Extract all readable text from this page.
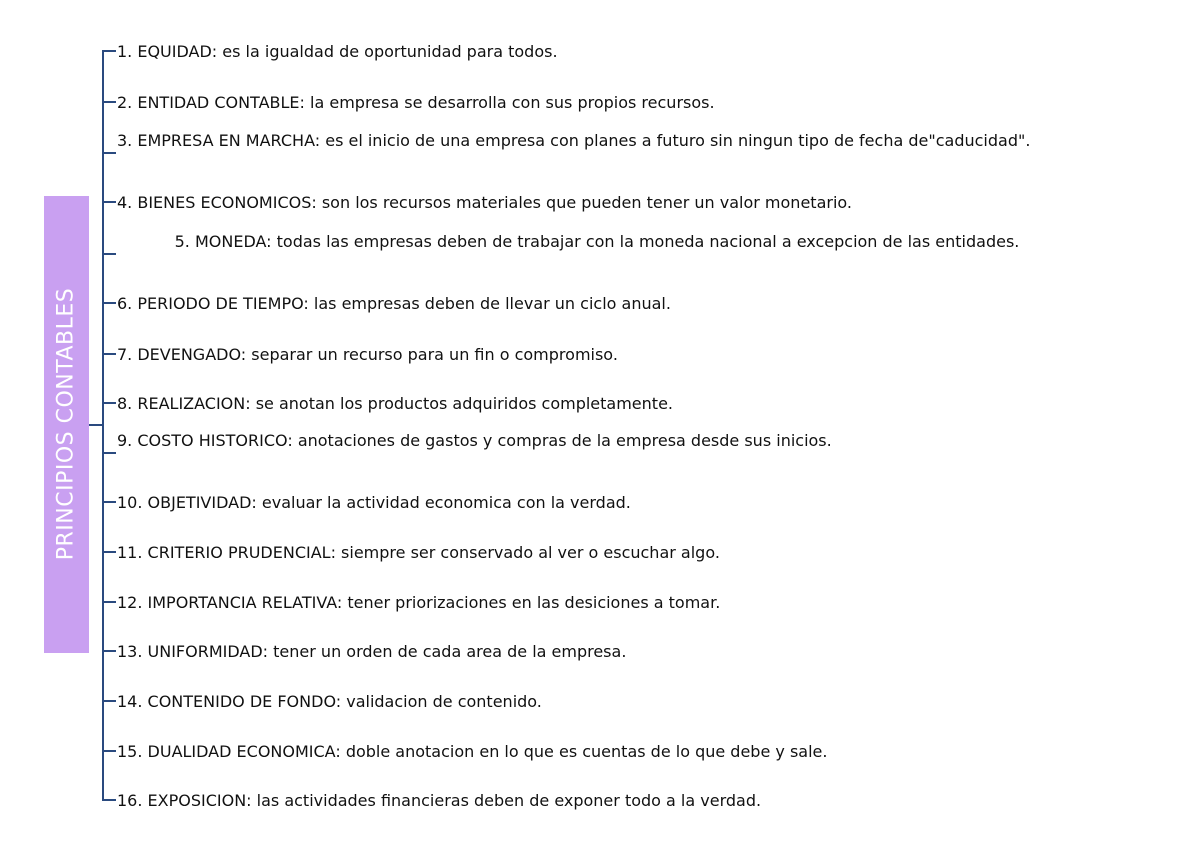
PRINCIPIOS CONTABLES
1. EQUIDAD: es la igualdad de oportunidad para todos.
2. ENTIDAD CONTABLE: la empresa se desarrolla con sus propios recursos.
3. EMPRESA EN MARCHA: es el inicio de una empresa con planes a futuro sin ningun tipo de fecha de"caducidad".
4. BIENES ECONOMICOS: son los recursos materiales que pueden tener un valor monetario.
5. MONEDA: todas las empresas deben de trabajar con la moneda nacional a excepcion de las entidades.
6. PERIODO DE TIEMPO: las empresas deben de llevar un ciclo anual.
7. DEVENGADO: separar un recurso para un fin o compromiso.
8. REALIZACION: se anotan los productos adquiridos completamente.
9. COSTO HISTORICO: anotaciones de gastos y compras de la empresa desde sus inicios.
10. OBJETIVIDAD: evaluar la actividad economica con la verdad.
11. CRITERIO PRUDENCIAL: siempre ser conservado al ver o escuchar algo.
12. IMPORTANCIA RELATIVA: tener priorizaciones en las desiciones a tomar.
13. UNIFORMIDAD: tener un orden de cada area de la empresa.
14. CONTENIDO DE FONDO: validacion de contenido.
15. DUALIDAD ECONOMICA: doble anotacion en lo que es cuentas de lo que debe y sale.
16. EXPOSICION: las actividades financieras deben de exponer todo a la verdad.
